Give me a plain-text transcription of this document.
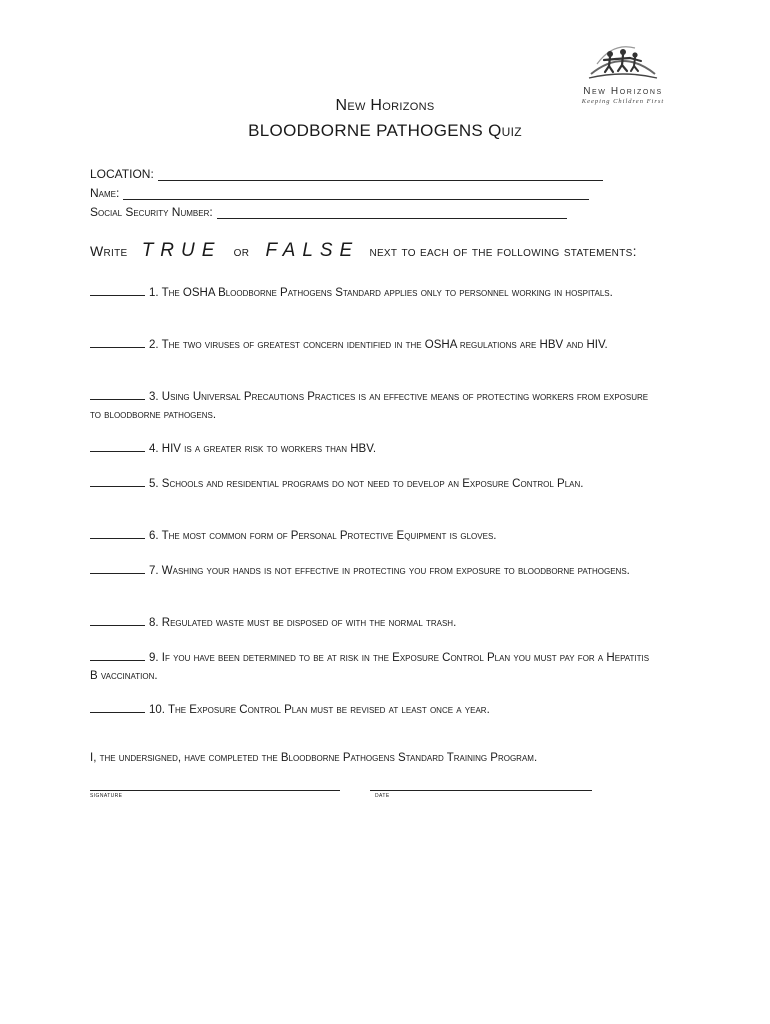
New Horizons
Keeping Children First
New Horizons
BLOODBORNE PATHOGENS Quiz
LOCATION:
Name:
Social Security Number:
Write TRUE or FALSE next to each of the following statements:
1. The OSHA Bloodborne Pathogens Standard applies only to personnel working in hospitals.
2. The two viruses of greatest concern identified in the OSHA regulations are HBV and HIV.
3. Using Universal Precautions Practices is an effective means of protecting workers from exposure to bloodborne pathogens.
4. HIV is a greater risk to workers than HBV.
5. Schools and residential programs do not need to develop an Exposure Control Plan.
6. The most common form of Personal Protective Equipment is gloves.
7. Washing your hands is not effective in protecting you from exposure to bloodborne pathogens.
8. Regulated waste must be disposed of with the normal trash.
9. If you have been determined to be at risk in the Exposure Control Plan you must pay for a Hepatitis B vaccination.
10. The Exposure Control Plan must be revised at least once a year.
I, the undersigned, have completed the Bloodborne Pathogens Standard Training Program.
signature	date
